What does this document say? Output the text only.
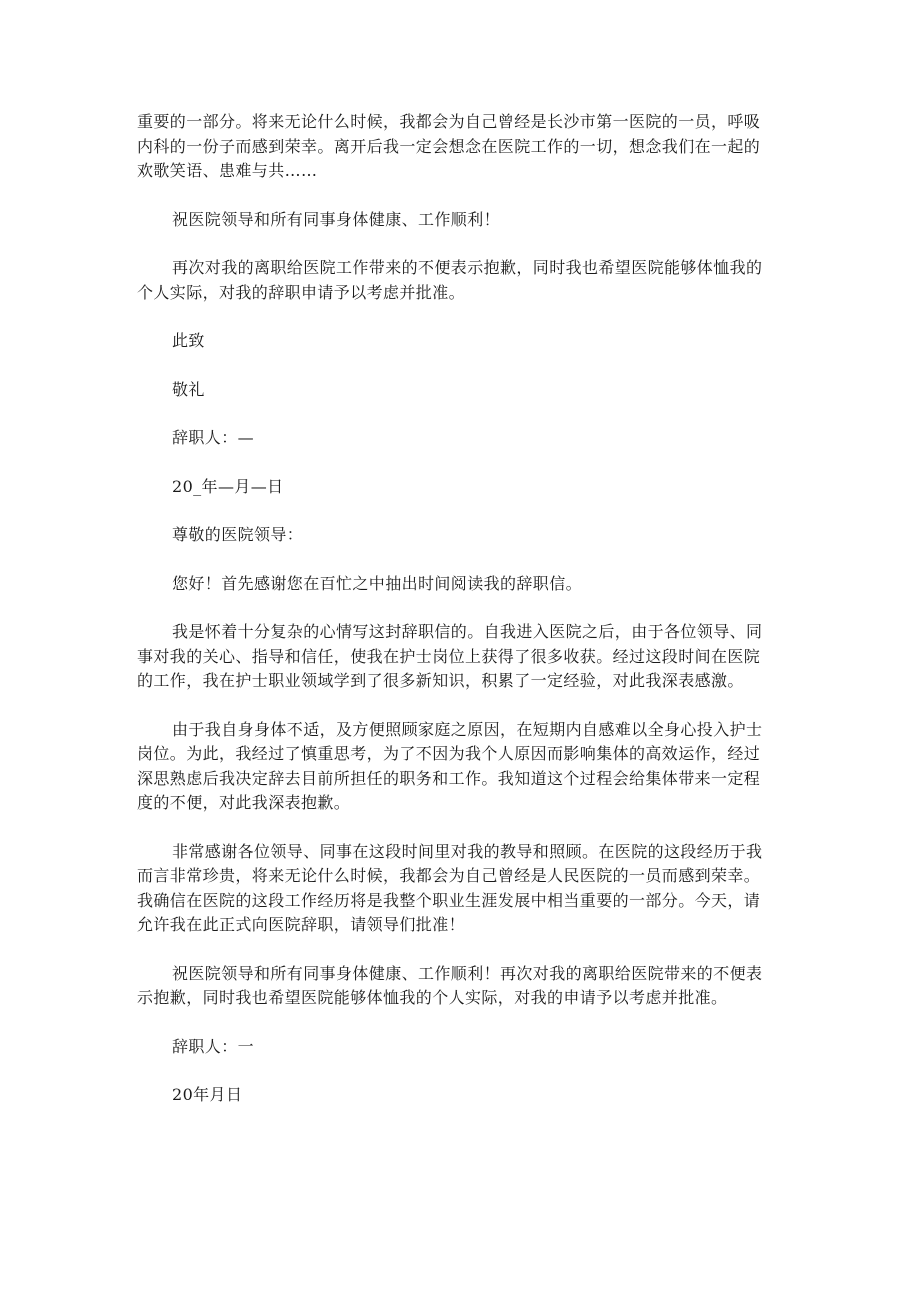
重要的一部分。将来无论什么时候，我都会为自己曾经是长沙市第一医院的一员，呼吸
内科的一份子而感到荣幸。离开后我一定会想念在医院工作的一切，想念我们在一起的
欢歌笑语、患难与共……

祝医院领导和所有同事身体健康、工作顺利！

再次对我的离职给医院工作带来的不便表示抱歉，同时我也希望医院能够体恤我的
个人实际，对我的辞职申请予以考虑并批准。

此致

敬礼

辞职人：—

20_年—月—日

尊敬的医院领导：

您好！首先感谢您在百忙之中抽出时间阅读我的辞职信。

我是怀着十分复杂的心情写这封辞职信的。自我进入医院之后，由于各位领导、同
事对我的关心、指导和信任，使我在护士岗位上获得了很多收获。经过这段时间在医院
的工作，我在护士职业领域学到了很多新知识，积累了一定经验，对此我深表感激。

由于我自身身体不适，及方便照顾家庭之原因，在短期内自感难以全身心投入护士
岗位。为此，我经过了慎重思考，为了不因为我个人原因而影响集体的高效运作，经过
深思熟虑后我决定辞去目前所担任的职务和工作。我知道这个过程会给集体带来一定程
度的不便，对此我深表抱歉。

非常感谢各位领导、同事在这段时间里对我的教导和照顾。在医院的这段经历于我
而言非常珍贵，将来无论什么时候，我都会为自己曾经是人民医院的一员而感到荣幸。
我确信在医院的这段工作经历将是我整个职业生涯发展中相当重要的一部分。今天，请
允许我在此正式向医院辞职，请领导们批准！

祝医院领导和所有同事身体健康、工作顺利！再次对我的离职给医院带来的不便表
示抱歉，同时我也希望医院能够体恤我的个人实际，对我的申请予以考虑并批准。

辞职人：一

20年月日
